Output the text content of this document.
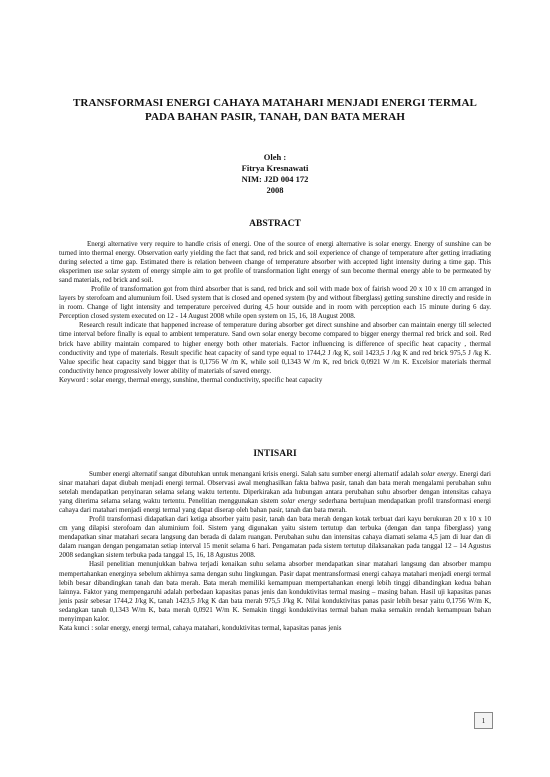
TRANSFORMASI ENERGI CAHAYA MATAHARI MENJADI ENERGI TERMAL
PADA BAHAN PASIR, TANAH, DAN BATA MERAH
Oleh :
Fitrya Kresnawati
NIM: J2D 004 172
2008
ABSTRACT

Energi alternative very require to handle crisis of energi. One of the source of energi alternative is solar energy. Energy of sunshine can be turned into thermal energy. Observation early yielding the fact that sand, red brick and soil experience of change of temperature after getting irradiating during selected a time gap. Estimated there is relation between change of temperature absorber with accepted light intensity during a time gap. This eksperimen use solar system of energy simple aim to get profile of transformation light energy of sun become thermal energy able to be permeated by sand materials, red brick and soil.

Profile of transformation got from third absorber that is sand, red brick and soil with made box of fairish wood 20 x 10 x 10 cm arranged in layers by sterofoam and alumunium foil. Used system that is closed and opened system (by and without fiberglass) getting sunshine directly and reside in in room. Change of light intensity and temperature perceived during 4,5 hour outside and in room with perception each 15 minute during 6 day. Perception closed system executed on 12 - 14 August 2008 while open system on 15, 16, 18 August 2008.

Research result indicate that happened increase of temperature during absorber get direct sunshine and absorber can maintain energy till selected time interval before finally is equal to ambient temperature. Sand own solar energy become compared to bigger energy thermal red brick and soil. Red brick have ability maintain compared to higher energy both other materials. Factor influencing is difference of specific heat capacity , thermal conductivity and type of materials. Result specific heat capacity of sand type equal to 1744,2 J /kg K, soil 1423,5 J /kg K and red brick 975,5 J /kg K. Value specific heat capacity sand bigger that is 0,1756 W /m K, while soil 0,1343 W /m K, red brick 0,0921 W /m K. Excelsior materials thermal conductivity hence progressively lower ability of materials of saved energy.

Keyword : solar energy, thermal energy, sunshine, thermal conductivity, specific heat capacity

INTISARI

Sumber energi alternatif sangat dibutuhkan untuk menangani krisis energi. Salah satu sumber energi alternatif adalah solar energy. Energi dari sinar matahari dapat diubah menjadi energi termal. Observasi awal menghasilkan fakta bahwa pasir, tanah dan bata merah mengalami perubahan suhu setelah mendapatkan penyinaran selama selang waktu tertentu. Diperkirakan ada hubungan antara perubahan suhu absorber dengan intensitas cahaya yang diterima selama selang waktu tertentu. Penelitian menggunakan sistem solar energy sederhana bertujuan mendapatkan profil transformasi energi cahaya dari matahari menjadi energi termal yang dapat diserap oleh bahan pasir, tanah dan bata merah.

Profil transformasi didapatkan dari ketiga absorber yaitu pasir, tanah dan bata merah dengan kotak terbuat dari kayu berukuran 20 x 10 x 10 cm yang dilapisi sterofoam dan aluminium foil. Sistem yang digunakan yaitu sistem tertutup dan terbuka (dengan dan tanpa fiberglass) yang mendapatkan sinar matahari secara langsung dan berada di dalam ruangan. Perubahan suhu dan intensitas cahaya diamati selama 4,5 jam di luar dan di dalam ruangan dengan pengamatan setiap interval 15 menit selama 6 hari. Pengamatan pada sistem tertutup dilaksanakan pada tanggal 12 – 14 Agustus 2008 sedangkan sistem terbuka pada tanggal 15, 16, 18 Agustus 2008.

Hasil penelitian menunjukkan bahwa terjadi kenaikan suhu selama absorber mendapatkan sinar matahari langsung dan absorber mampu mempertahankan energinya sebelum akhirnya sama dengan suhu lingkungan. Pasir dapat mentransformasi energi cahaya matahari menjadi energi termal lebih besar dibandingkan tanah dan bata merah. Bata merah memiliki kemampuan mempertahankan energi lebih tinggi dibandingkan kedua bahan lainnya. Faktor yang mempengaruhi adalah perbedaan kapasitas panas jenis dan konduktivitas termal masing – masing bahan. Hasil uji kapasitas panas jenis pasir sebesar 1744,2 J/kg K, tanah 1423,5 J/kg K dan bata merah 975,5 J/kg K. Nilai konduktivitas panas pasir lebih besar yaitu 0,1756 W/m K, sedangkan tanah 0,1343 W/m K, bata merah 0,0921 W/m K. Semakin tinggi konduktivitas termal bahan maka semakin rendah kemampuan bahan menyimpan kalor.

Kata kunci : solar energy, energi termal, cahaya matahari, konduktivitas termal, kapasitas panas jenis

1
